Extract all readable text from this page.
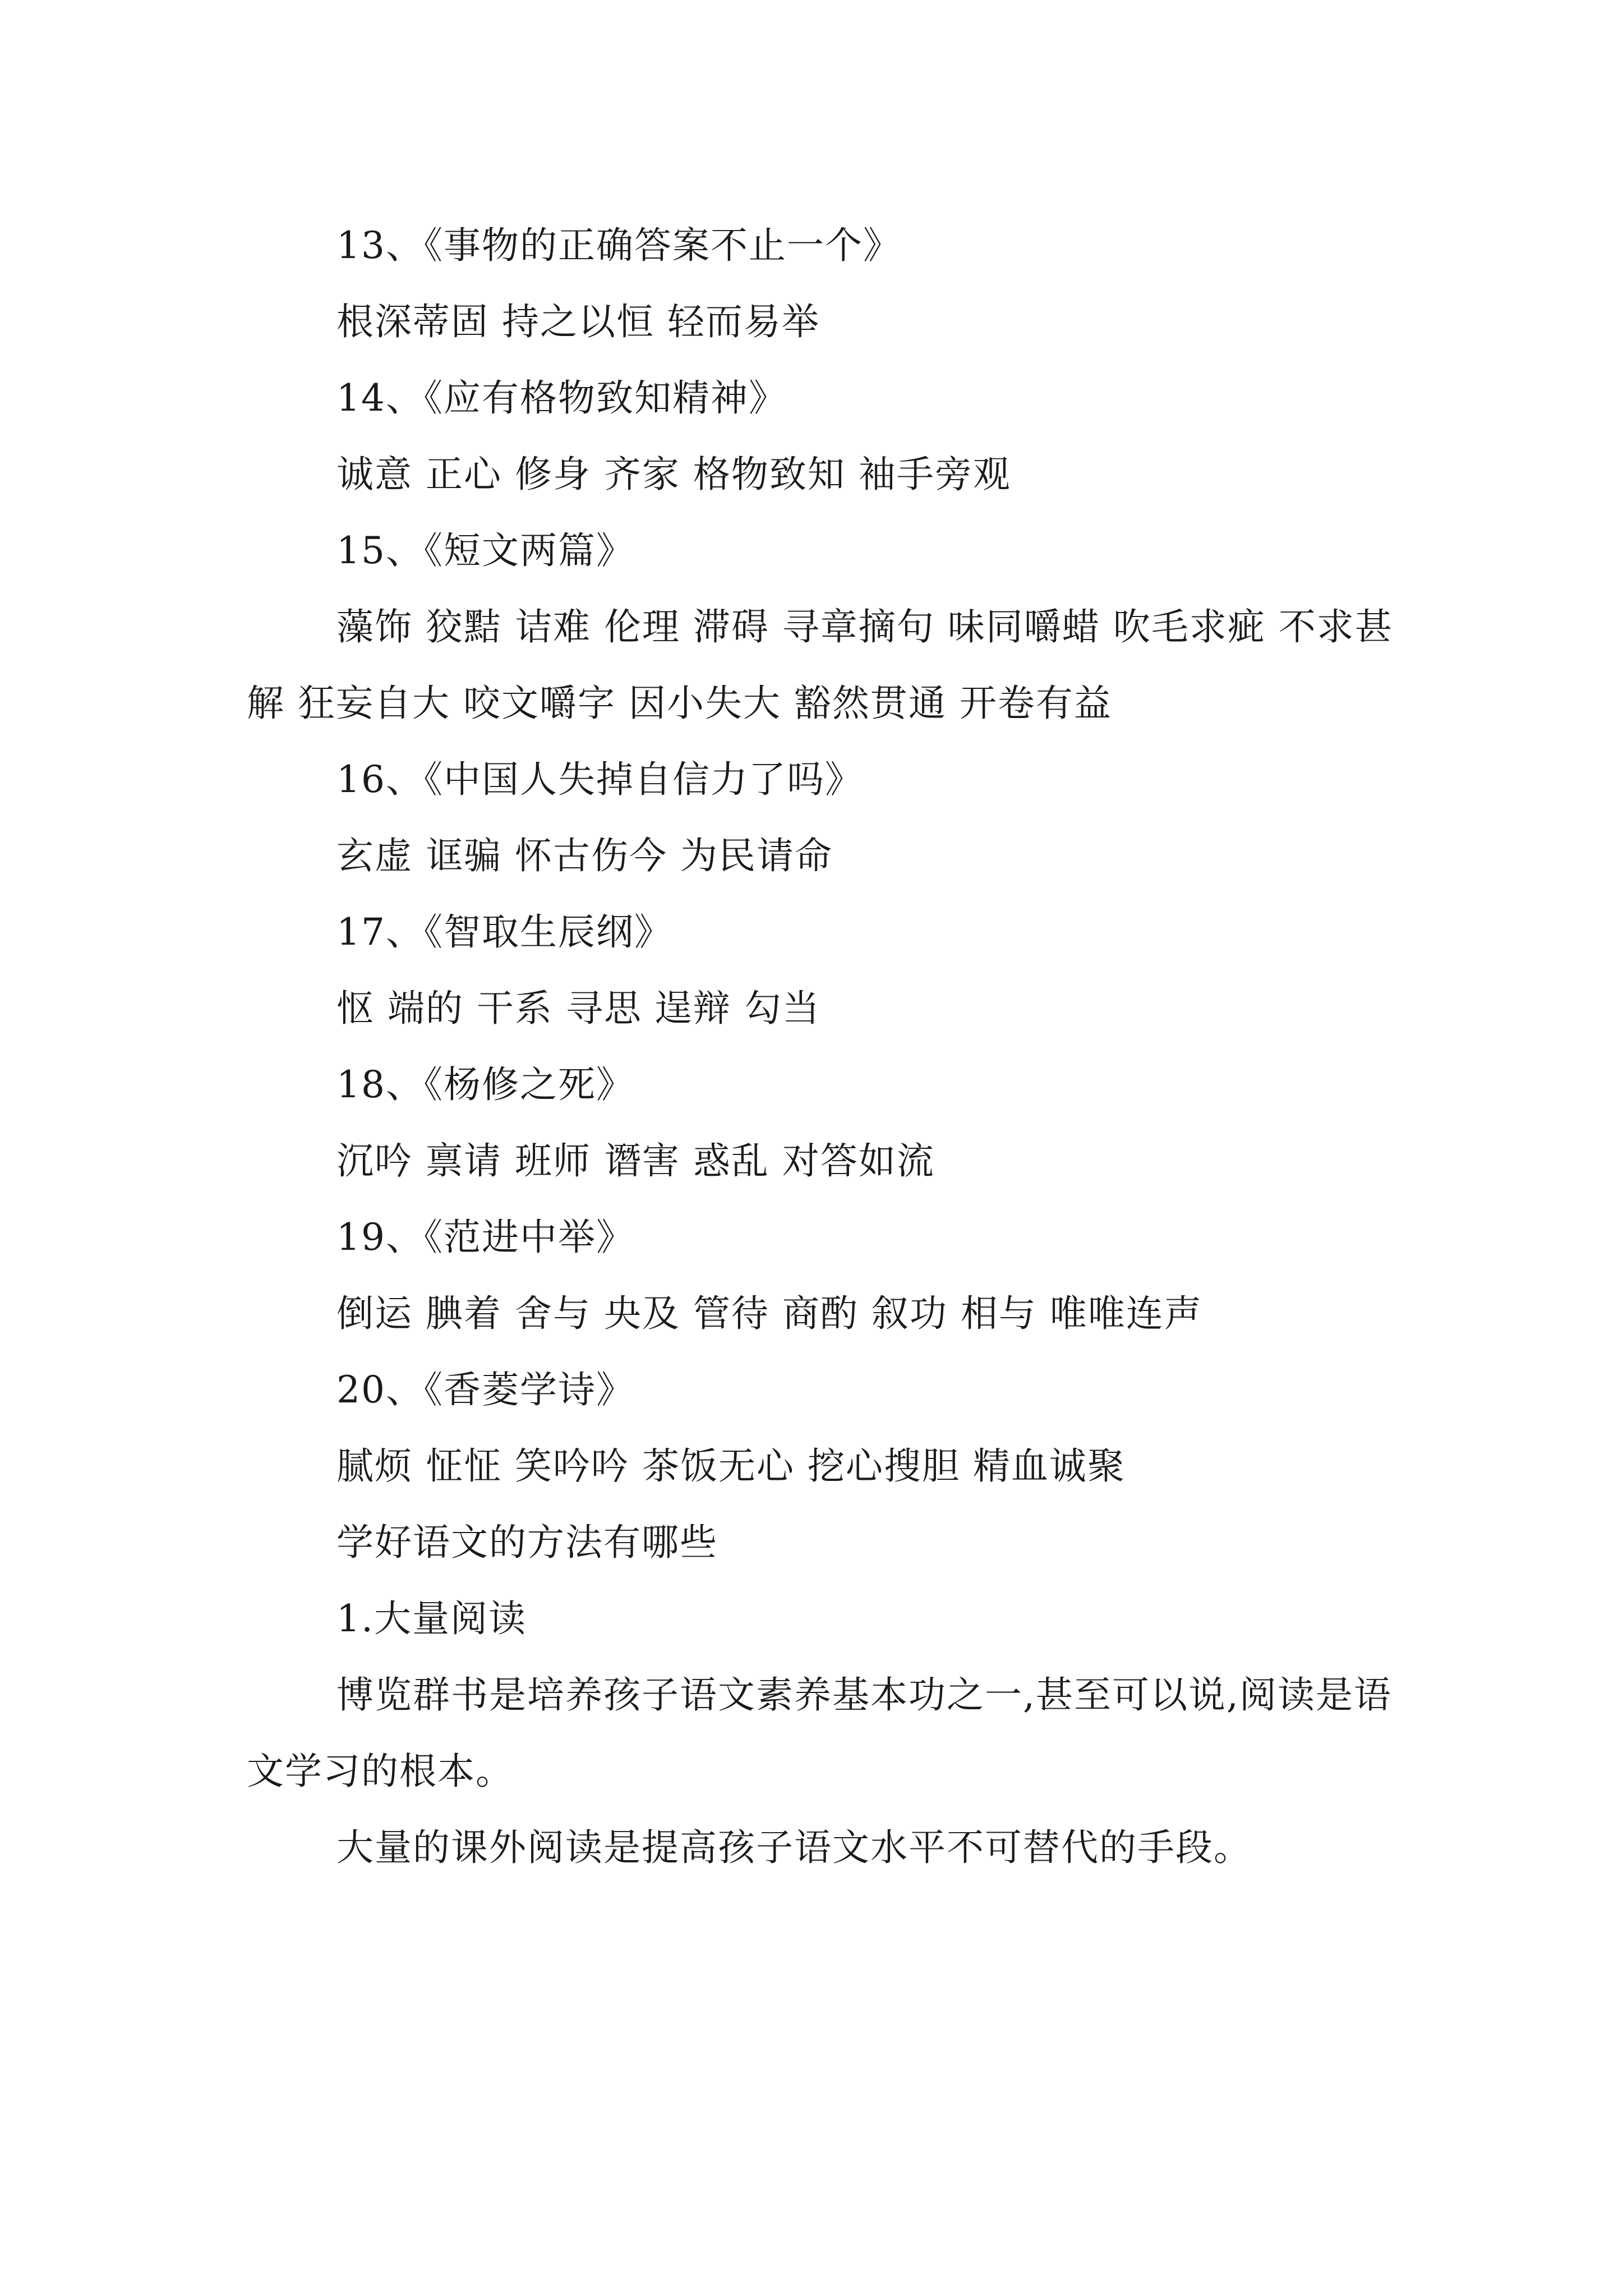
13、《事物的正确答案不止一个》
根深蒂固 持之以恒 轻而易举
14、《应有格物致知精神》
诚意 正心 修身 齐家 格物致知 袖手旁观
15、《短文两篇》
藻饰 狡黠 诘难 伦理 滞碍 寻章摘句 味同嚼蜡 吹毛求疵 不求甚解 狂妄自大 咬文嚼字 因小失大 豁然贯通 开卷有益
16、《中国人失掉自信力了吗》
玄虚 诓骗 怀古伤今 为民请命
17、《智取生辰纲》
怄 端的 干系 寻思 逞辩 勾当
18、《杨修之死》
沉吟 禀请 班师 谮害 惑乱 对答如流
19、《范进中举》
倒运 腆着 舍与 央及 管待 商酌 叙功 相与 唯唯连声
20、《香菱学诗》
腻烦 怔怔 笑吟吟 茶饭无心 挖心搜胆 精血诚聚
学好语文的方法有哪些
1.大量阅读
博览群书是培养孩子语文素养基本功之一,甚至可以说,阅读是语文学习的根本。
大量的课外阅读是提高孩子语文水平不可替代的手段。
